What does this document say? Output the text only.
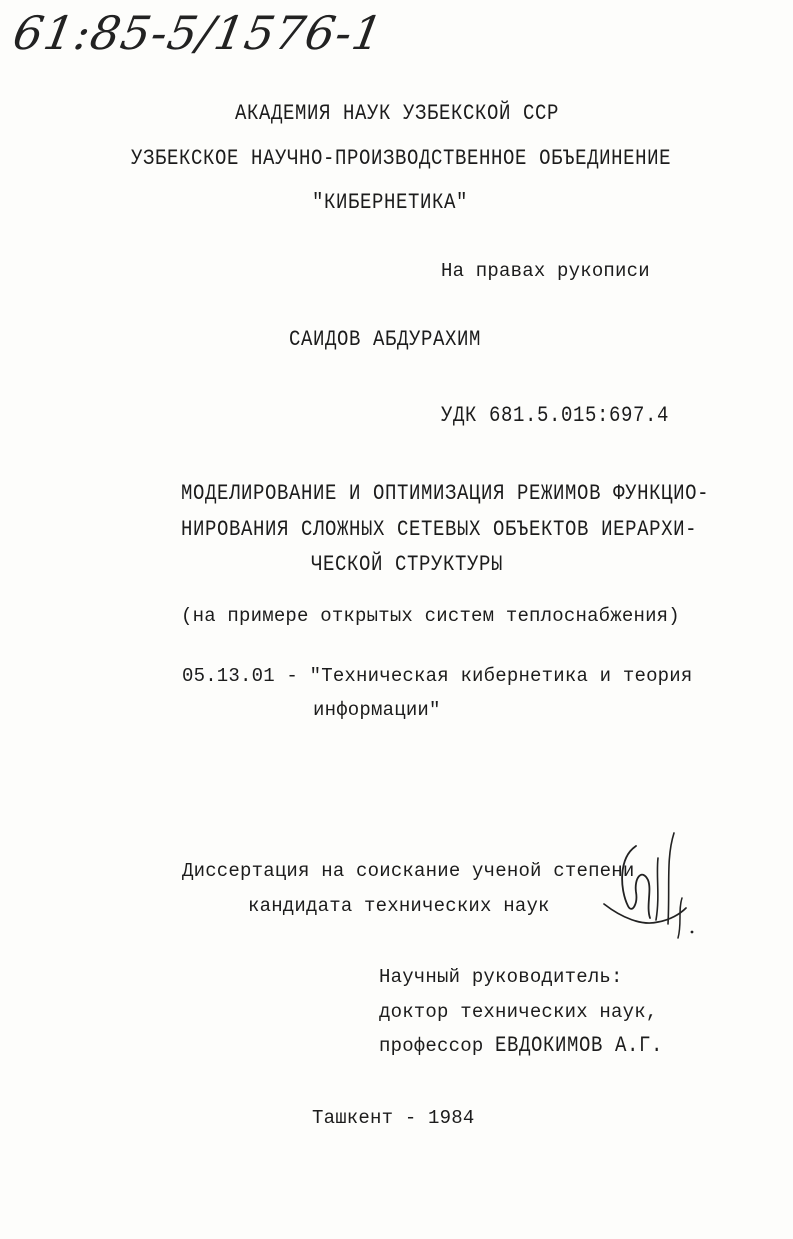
61:85-5/1576-1
АКАДЕМИЯ НАУК УЗБЕКСКОЙ ССР
УЗБЕКСКОЕ НАУЧНО-ПРОИЗВОДСТВЕННОЕ ОБЪЕДИНЕНИЕ
"КИБЕРНЕТИКА"
На правах рукописи
САИДОВ АБДУРАХИМ
УДК 681.5.015:697.4
МОДЕЛИРОВАНИЕ И ОПТИМИЗАЦИЯ РЕЖИМОВ ФУНКЦИО-
НИРОВАНИЯ СЛОЖНЫХ СЕТЕВЫХ ОБЪЕКТОВ ИЕРАРХИ-
ЧЕСКОЙ СТРУКТУРЫ
(на примере открытых систем теплоснабжения)
05.13.01 - "Техническая кибернетика и теория
информации"
Диссертация на соискание ученой степени
кандидата технических наук
Научный руководитель:
доктор технических наук,
профессор ЕВДОКИМОВ А.Г.
Ташкент - 1984
